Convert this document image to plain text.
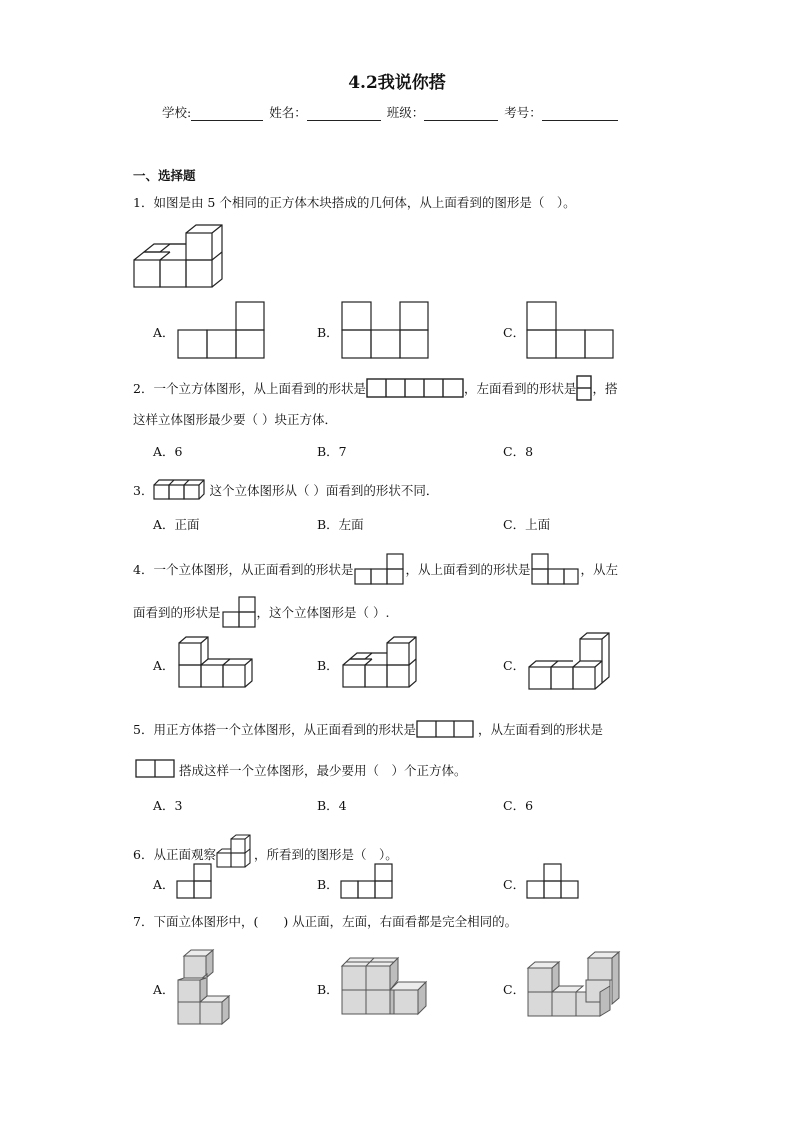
4.2我说你搭
学校:	姓名：	班级：	考号：
一、选择题
1．如图是由 5 个相同的正方体木块搭成的几何体，从上面看到的图形是（　）。
A．	B．	C．
2．一个立方体图形，从上面看到的形状是	，左面看到的形状是 ，搭
这样立体图形最少要（ ）块正方体．
A．6	B．7	C．8
3．	这个立体图形从（ ）面看到的形状不同．
A．正面	B．左面	C．上面
4．一个立体图形，从正面看到的形状是	，从上面看到的形状是	，从左
面看到的形状是	，这个立体图形是（ ）.
A．	B．	C．
5．用正方体搭一个立体图形，从正面看到的形状是	，从左面看到的形状是
搭成这样一个立体图形，最少要用（　）个正方体。
A．3	B．4	C．6
6．从正面观察	，所看到的图形是（　）。
A．	B．	C．
7．下面立体图形中，(　　) 从正面，左面，右面看都是完全相同的。
A．	B．	C．
